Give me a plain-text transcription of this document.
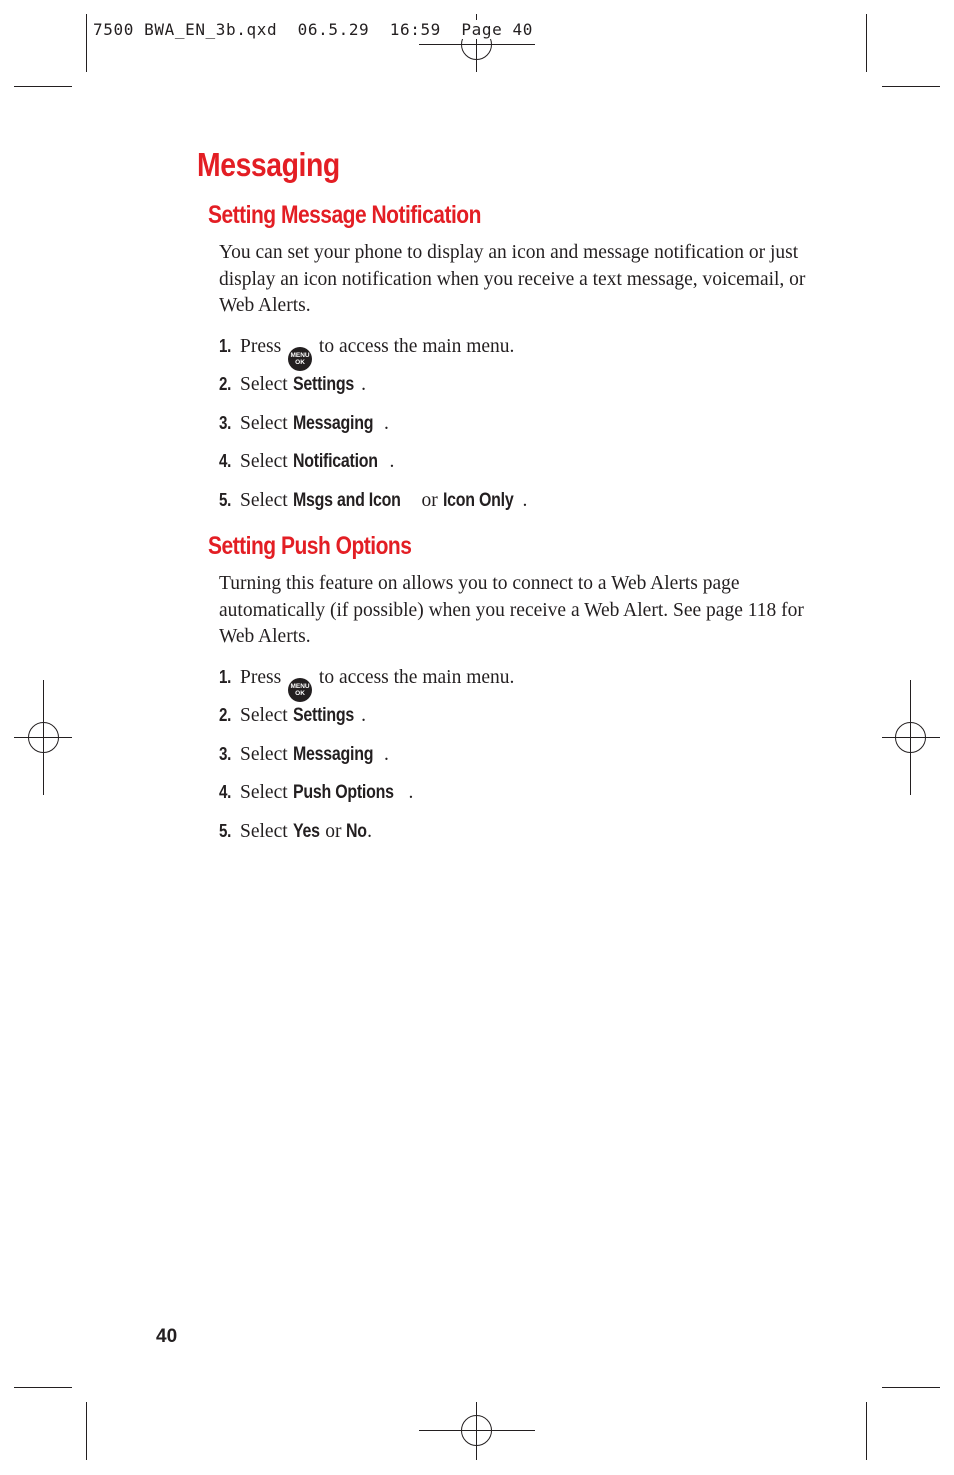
7500 BWA_EN_3b.qxd  06.5.29  16:59  Page 40
Messaging
Setting Message Notification

You can set your phone to display an icon and message notification or just display an icon notification when you receive a text message, voicemail, or Web Alerts.

1. Press MENU
OK
to access the main menu.
2. Select Settings .
3. Select Messaging .
4. Select Notification .
5. Select Msgs and Icon or Icon Only .
Setting Push Options

Turning this feature on allows you to connect to a Web Alerts page automatically (if possible) when you receive a Web Alert. See page 118 for Web Alerts.

1. Press MENU
OK
to access the main menu.
2. Select Settings .
3. Select Messaging .
4. Select Push Options .
5. Select Yes or No.
40
